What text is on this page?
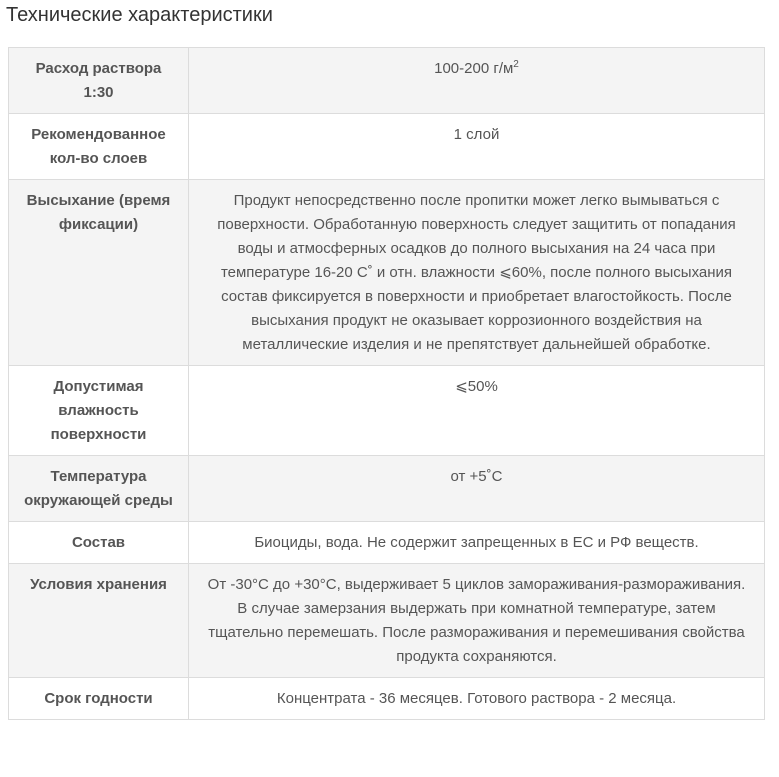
Технические характеристики
Расход раствора 1:30	100-200 $г/м^2$
Рекомендованное кол-во слоев	1 слой
Высыхание (время фиксации)	Продукт непосредственно после пропитки может легко вымываться с поверхности. Обработанную поверхность следует защитить от попадания воды и атмосферных осадков до полного высыхания на 24 часа при температуре 16-20 С˚ и отн. влажности ⩽60%, после полного высыхания состав фиксируется в поверхности и приобретает влагостойкость. После высыхания продукт не оказывает коррозионного воздействия на металлические изделия и не препятствует дальнейшей обработке.
Допустимая влажность поверхности	⩽50%
Температура окружающей среды	от +5˚С
Состав	Биоциды, вода. Не содержит запрещенных в ЕС и РФ веществ.
Условия хранения	От -30°С до +30°С, выдерживает 5 циклов замораживания-размораживания. В случае замерзания выдержать при комнатной температуре, затем тщательно перемешать. После размораживания и перемешивания свойства продукта сохраняются.
Срок годности	Концентрата - 36 месяцев. Готового раствора - 2 месяца.
